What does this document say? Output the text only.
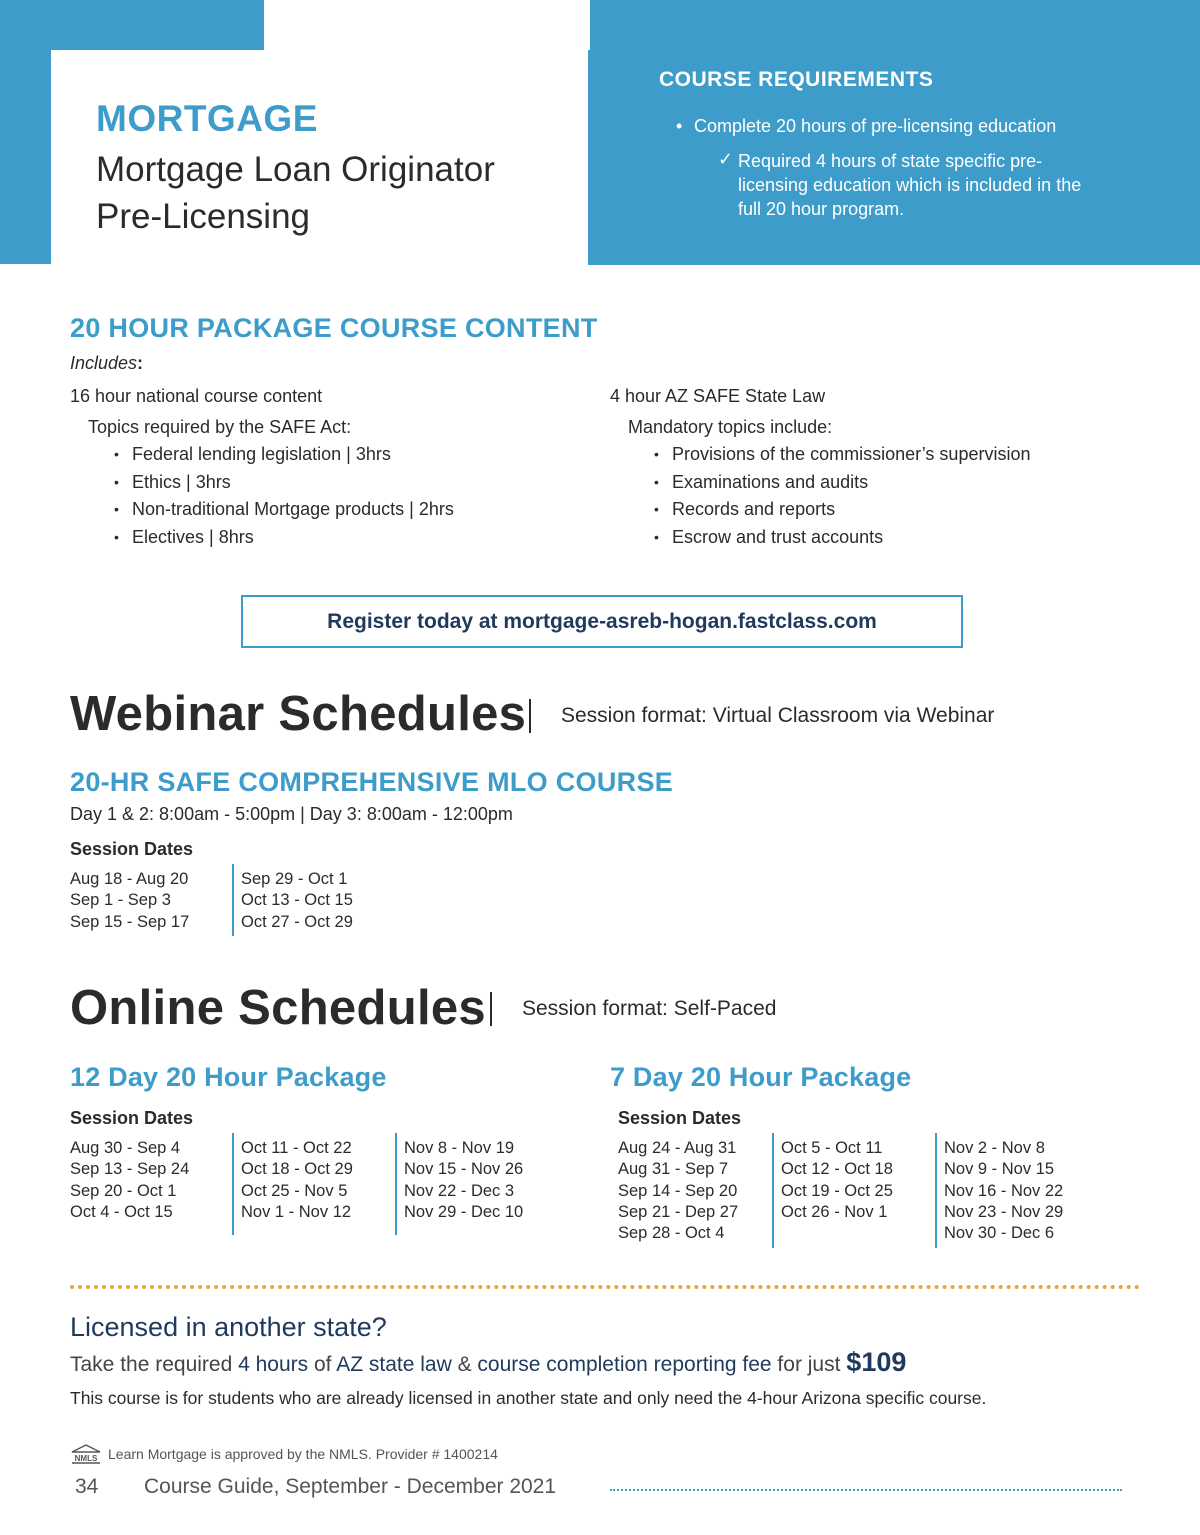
MORTGAGE
Mortgage Loan Originator
Pre-Licensing
COURSE REQUIREMENTS
• Complete 20 hours of pre-licensing education
✓ Required 4 hours of state specific pre-licensing education which is included in the full 20 hour program.
20 HOUR PACKAGE COURSE CONTENT
Includes:
16 hour national course content
Topics required by the SAFE Act:
• Federal lending legislation | 3hrs
• Ethics | 3hrs
• Non-traditional Mortgage products | 2hrs
• Electives | 8hrs
4 hour AZ SAFE State Law
Mandatory topics include:
• Provisions of the commissioner’s supervision
• Examinations and audits
• Records and reports
• Escrow and trust accounts
Register today at mortgage-asreb-hogan.fastclass.com
Webinar Schedules Session format: Virtual Classroom via Webinar
20-HR SAFE COMPREHENSIVE MLO COURSE
Day 1 & 2: 8:00am - 5:00pm | Day 3: 8:00am - 12:00pm
Session Dates
Aug 18 - Aug 20
Sep 1 - Sep 3
Sep 15 - Sep 17
Sep 29 - Oct 1
Oct 13 - Oct 15
Oct 27 - Oct 29
Online Schedules Session format: Self-Paced
12 Day 20 Hour Package
Session Dates
Aug 30 - Sep 4
Sep 13 - Sep 24
Sep 20 - Oct 1
Oct 4 - Oct 15
Oct 11 - Oct 22
Oct 18 - Oct 29
Oct 25 - Nov 5
Nov 1 - Nov 12
Nov 8 - Nov 19
Nov 15 - Nov 26
Nov 22 - Dec 3
Nov 29 - Dec 10
7 Day 20 Hour Package
Session Dates
Aug 24 - Aug 31
Aug 31 - Sep 7
Sep 14 - Sep 20
Sep 21 - Dep 27
Sep 28 - Oct 4
Oct 5 - Oct 11
Oct 12 - Oct 18
Oct 19 - Oct 25
Oct 26 - Nov 1
Nov 2 - Nov 8
Nov 9 - Nov 15
Nov 16 - Nov 22
Nov 23 - Nov 29
Nov 30 - Dec 6
Licensed in another state?
Take the required 4 hours of AZ state law & course completion reporting fee for just $109
This course is for students who are already licensed in another state and only need the 4-hour Arizona specific course.
NMLS Learn Mortgage is approved by the NMLS. Provider # 1400214
34 Course Guide, September - December 2021
